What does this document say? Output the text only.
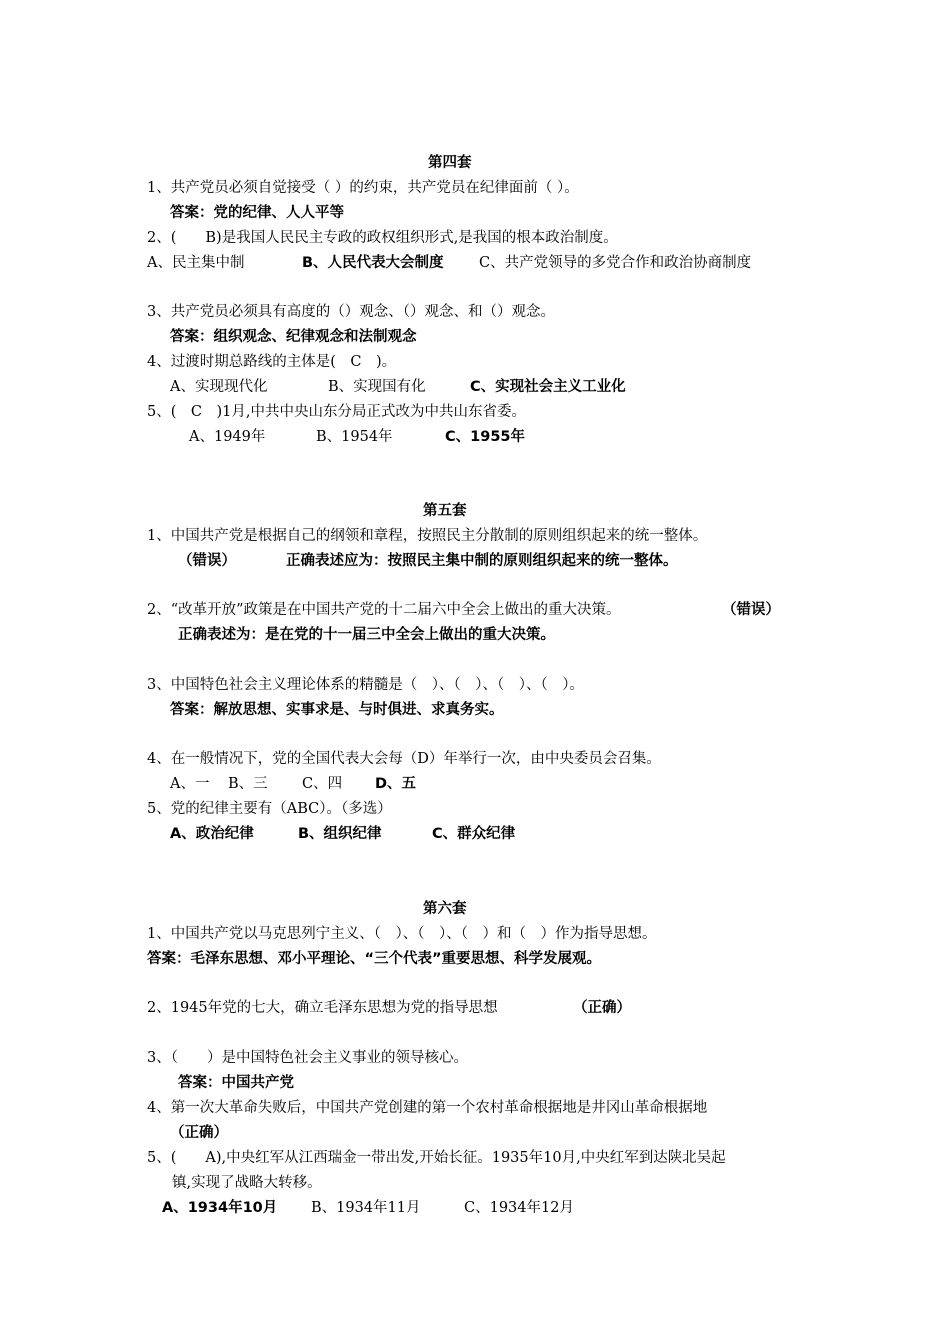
第四套
1、共产党员必须自觉接受（ ）的约束，共产党员在纪律面前（ ）。
答案：党的纪律、人人平等
2、(　　B)是我国人民民主专政的政权组织形式,是我国的根本政治制度。
A、民主集中制	B、人民代表大会制度 C、共产党领导的多党合作和政治协商制度
3、共产党员必须具有高度的（）观念、（）观念、和（）观念。
答案：组织观念、纪律观念和法制观念
4、过渡时期总路线的主体是(　C　)。
A、实现现代化	B、实现国有化	C、实现社会主义工业化
5、(　C　)1月,中共中央山东分局正式改为中共山东省委。
A、1949年	B、1954年	C、1955年
第五套
1、中国共产党是根据自己的纲领和章程，按照民主分散制的原则组织起来的统一整体。
（错误）	正确表述应为：按照民主集中制的原则组织起来的统一整体。
2、“改革开放”政策是在中国共产党的十二届六中全会上做出的重大决策。	（错误）
正确表述为：是在党的十一届三中全会上做出的重大决策。
3、中国特色社会主义理论体系的精髓是（　）、（　）、（　）、（　）。
答案：解放思想、实事求是、与时俱进、求真务实。
4、在一般情况下，党的全国代表大会每（D）年举行一次，由中央委员会召集。
A、一 B、三 C、四 D、五
5、党的纪律主要有（ABC）。（多选）
A、政治纪律	B、组织纪律	C、群众纪律
第六套
1、中国共产党以马克思列宁主义、（　）、（　）、（　）和（　）作为指导思想。
答案：毛泽东思想、邓小平理论、“三个代表”重要思想、科学发展观。
2、1945年党的七大，确立毛泽东思想为党的指导思想	（正确）
3、（　　）是中国特色社会主义事业的领导核心。
答案：中国共产党
4、第一次大革命失败后，中国共产党创建的第一个农村革命根据地是井冈山革命根据地
（正确）
5、(　　A),中央红军从江西瑞金一带出发,开始长征。1935年10月,中央红军到达陕北吴起
镇,实现了战略大转移。
A、1934年10月 B、1934年11月	C、1934年12月
